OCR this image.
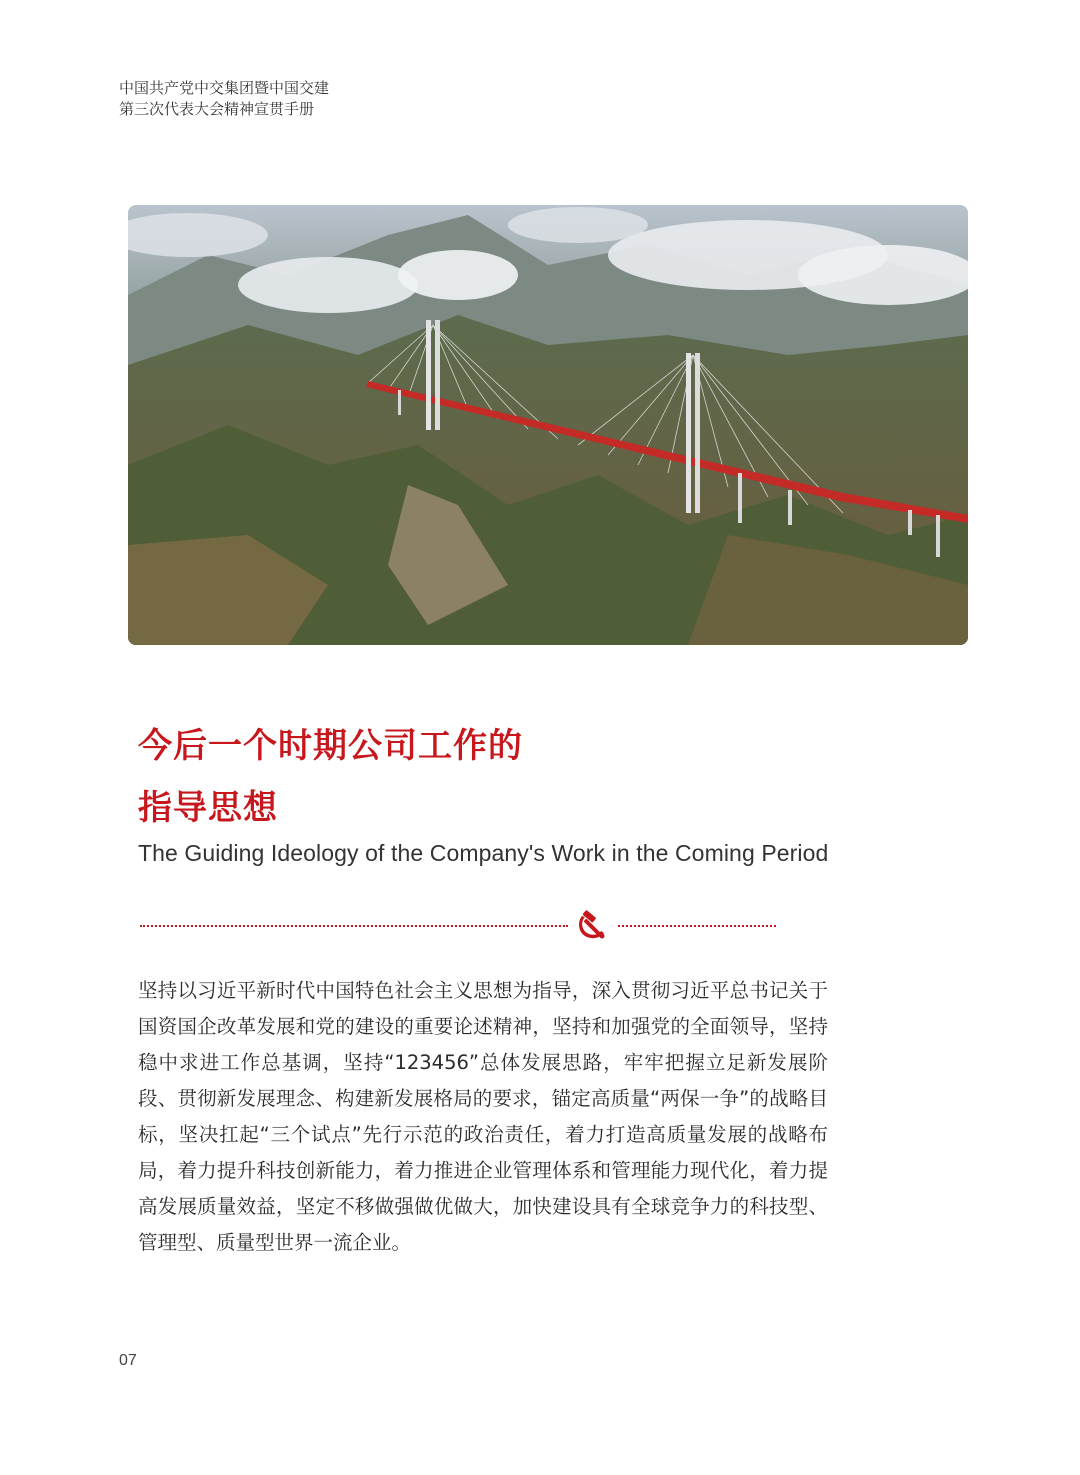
中国共产党中交集团暨中国交建
第三次代表大会精神宣贯手册
今后一个时期公司工作的
指导思想
The Guiding Ideology of the Company's Work in the Coming Period
坚持以习近平新时代中国特色社会主义思想为指导，深入贯彻习近平总书记关于国资国企改革发展和党的建设的重要论述精神，坚持和加强党的全面领导，坚持稳中求进工作总基调，坚持“123456”总体发展思路，牢牢把握立足新发展阶段、贯彻新发展理念、构建新发展格局的要求，锚定高质量“两保一争”的战略目标，坚决扛起“三个试点”先行示范的政治责任，着力打造高质量发展的战略布局，着力提升科技创新能力，着力推进企业管理体系和管理能力现代化，着力提高发展质量效益，坚定不移做强做优做大，加快建设具有全球竞争力的科技型、管理型、质量型世界一流企业。
07
